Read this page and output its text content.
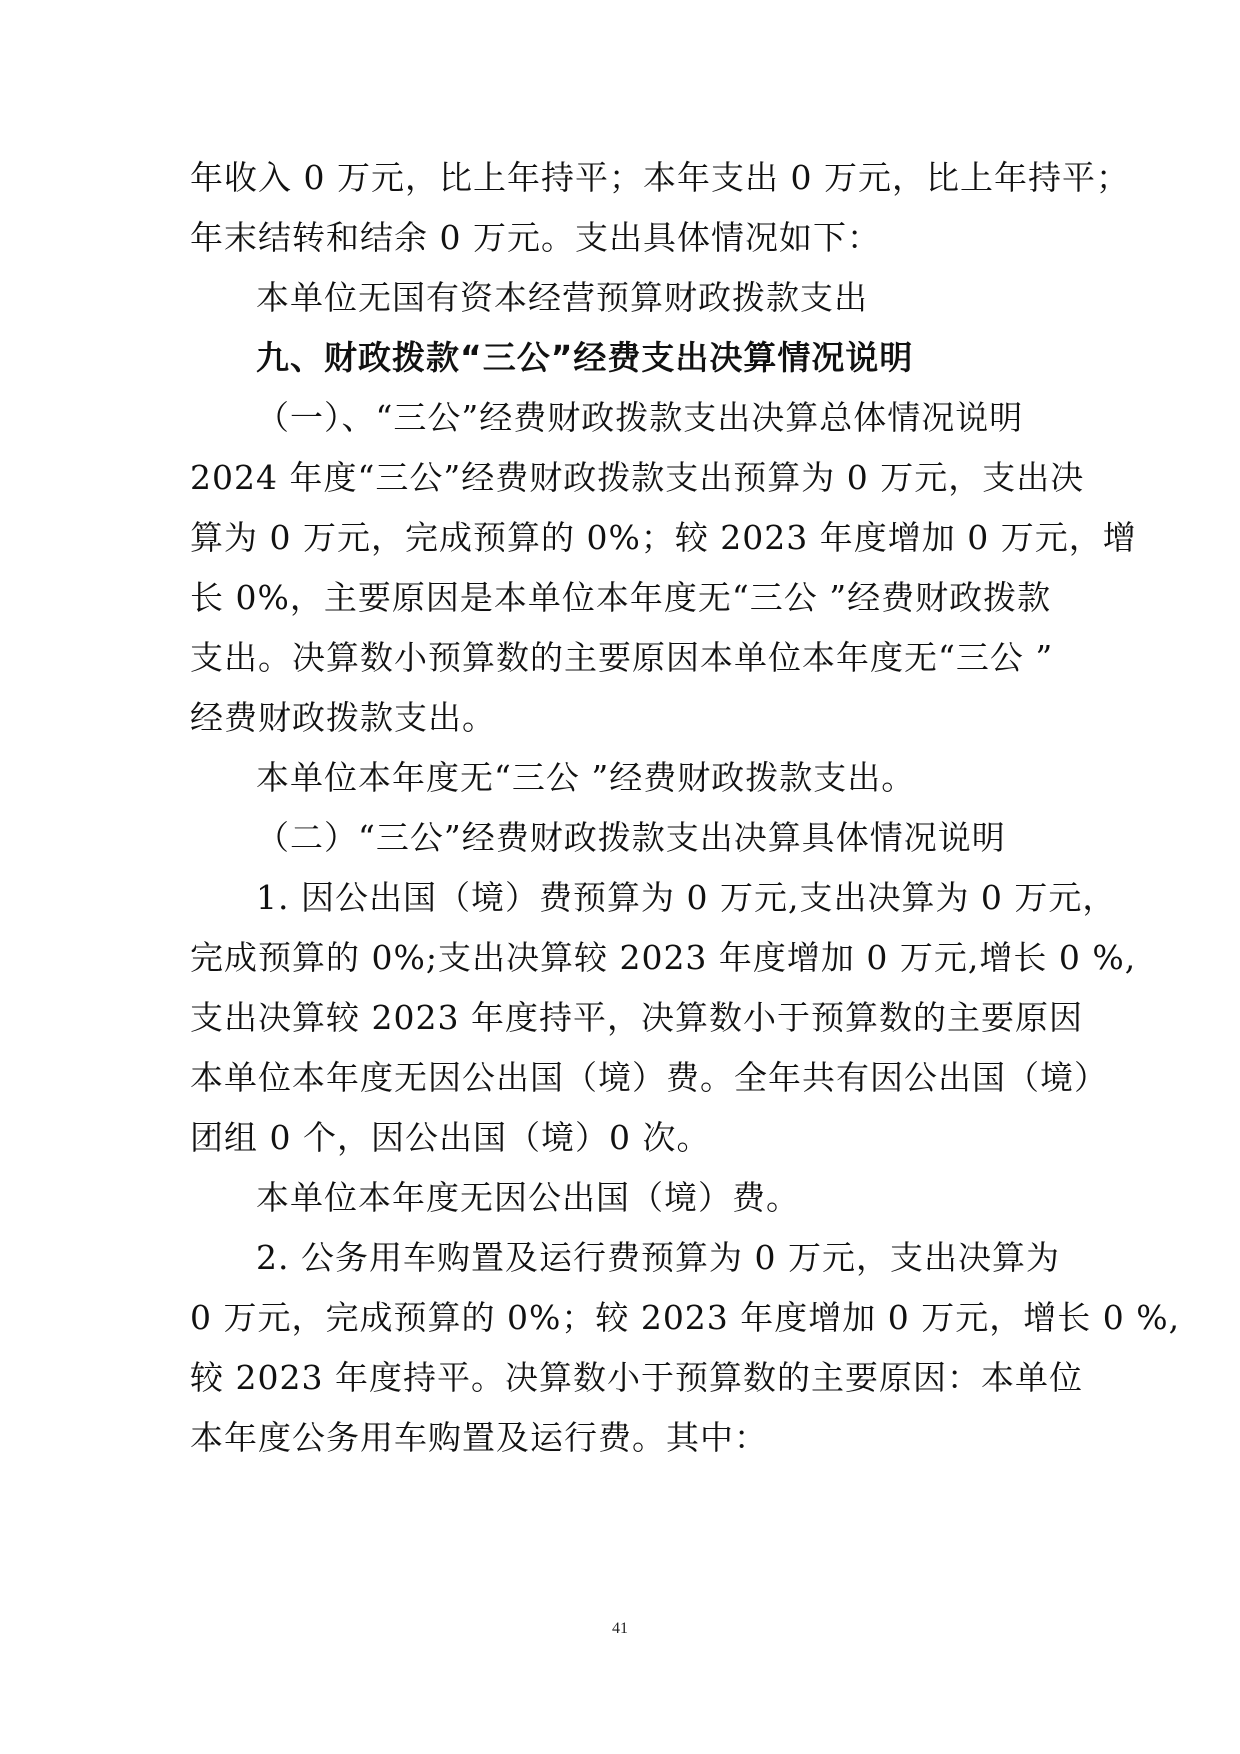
年收入 0 万元，比上年持平；本年支出 0 万元，比上年持平；
年末结转和结余 0 万元。支出具体情况如下：
本单位无国有资本经营预算财政拨款支出
九、财政拨款“三公”经费支出决算情况说明
（一）、“三公”经费财政拨款支出决算总体情况说明
2024 年度“三公”经费财政拨款支出预算为 0 万元，支出决
算为 0 万元，完成预算的 0%；较 2023 年度增加 0 万元，增
长 0%，主要原因是本单位本年度无“三公 ”经费财政拨款
支出。决算数小预算数的主要原因本单位本年度无“三公 ”
经费财政拨款支出。
本单位本年度无“三公 ”经费财政拨款支出。
（二）“三公”经费财政拨款支出决算具体情况说明
1. 因公出国（境）费预算为 0 万元,支出决算为 0 万元，
完成预算的 0%;支出决算较 2023 年度增加 0 万元,增长 0 %,
支出决算较 2023 年度持平，决算数小于预算数的主要原因
本单位本年度无因公出国（境）费。全年共有因公出国（境）
团组 0 个，因公出国（境）0 次。
本单位本年度无因公出国（境）费。
2. 公务用车购置及运行费预算为 0 万元，支出决算为
0 万元，完成预算的 0%；较 2023 年度增加 0 万元，增长 0 %,
较 2023 年度持平。决算数小于预算数的主要原因：本单位
本年度公务用车购置及运行费。其中：
41
